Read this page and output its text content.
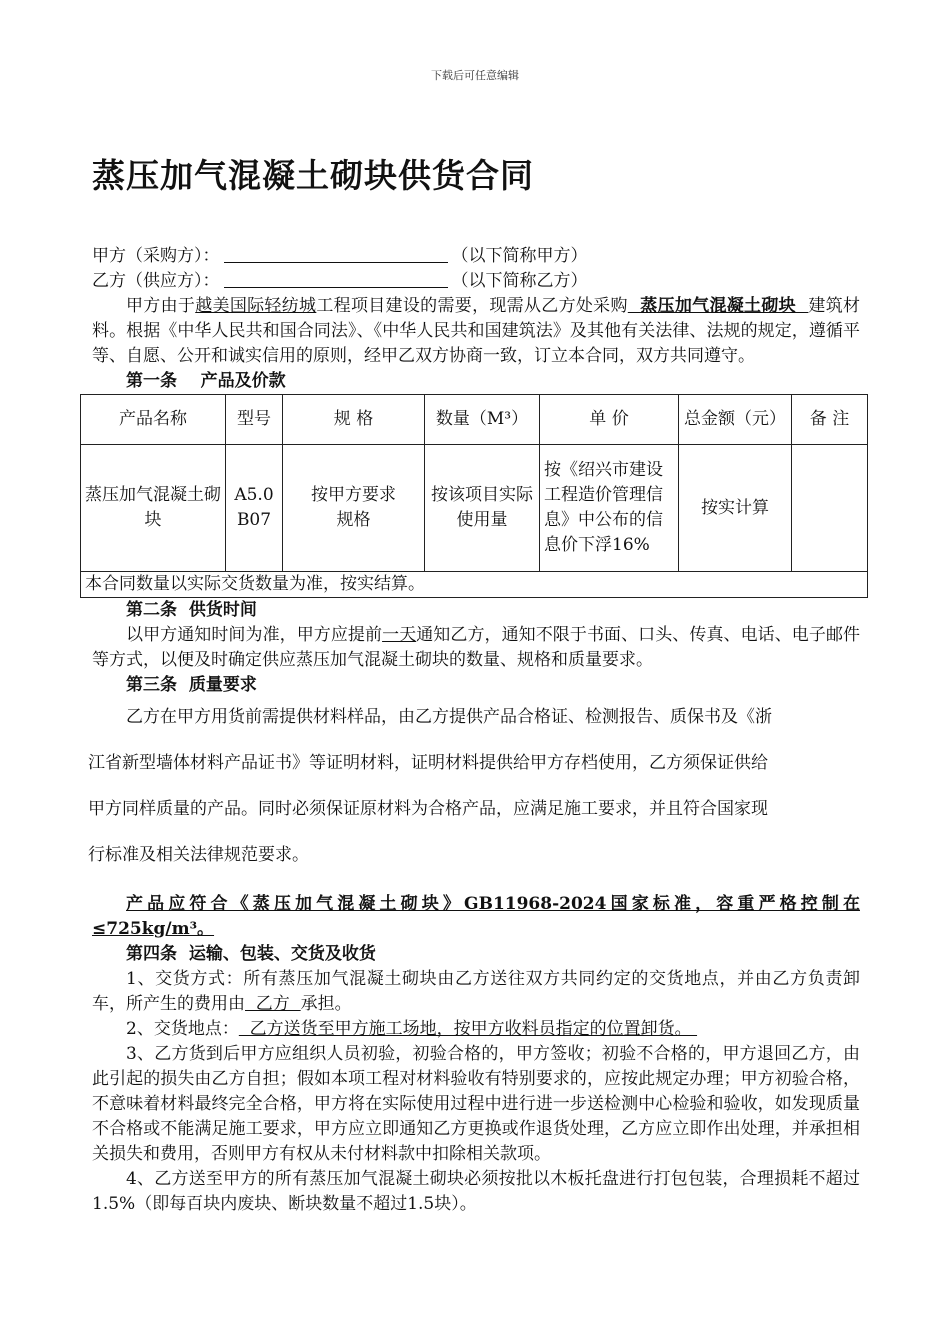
下载后可任意编辑
蒸压加气混凝土砌块供货合同

甲方（采购方）：	（以下简称甲方）

乙方（供应方）：	（以下简称乙方）

甲方由于越美国际轻纺城工程项目建设的需要，现需从乙方处采购  蒸压加气混凝土砌块  建筑材料。根据《中华人民共和国合同法》、《中华人民共和国建筑法》及其他有关法律、法规的规定，遵循平等、自愿、公开和诚实信用的原则，经甲乙双方协商一致，订立本合同，双方共同遵守。

第一条    产品及价款

产品名称	型号	规 格	数量（M³）	单 价	总金额（元）	备 注
蒸压加气混凝土砌块	A5.0 B07	按甲方要求规格	按该项目实际使用量	按《绍兴市建设工程造价管理信息》中公布的信息价下浮16%	按实计算	
本合同数量以实际交货数量为准，按实结算。						

第二条  供货时间

以甲方通知时间为准，甲方应提前一天通知乙方，通知不限于书面、口头、传真、电话、电子邮件等方式，以便及时确定供应蒸压加气混凝土砌块的数量、规格和质量要求。

第三条  质量要求

乙方在甲方用货前需提供材料样品，由乙方提供产品合格证、检测报告、质保书及《浙

江省新型墙体材料产品证书》等证明材料，证明材料提供给甲方存档使用，乙方须保证供给

甲方同样质量的产品。同时必须保证原材料为合格产品，应满足施工要求，并且符合国家现

行标准及相关法律规范要求。

产品应符合《蒸压加气混凝土砌块》GB11968-2024国家标准，容重严格控制在≤725kg/m³。

第四条  运输、包装、交货及收货

1、交货方式：所有蒸压加气混凝土砌块由乙方送往双方共同约定的交货地点，并由乙方负责卸车，所产生的费用由  乙方  承担。

2、交货地点：  乙方送货至甲方施工场地，按甲方收料员指定的位置卸货。

3、乙方货到后甲方应组织人员初验，初验合格的，甲方签收；初验不合格的，甲方退回乙方，由此引起的损失由乙方自担；假如本项工程对材料验收有特别要求的，应按此规定办理；甲方初验合格，不意味着材料最终完全合格，甲方将在实际使用过程中进行进一步送检测中心检验和验收，如发现质量不合格或不能满足施工要求，甲方应立即通知乙方更换或作退货处理，乙方应立即作出处理，并承担相关损失和费用，否则甲方有权从未付材料款中扣除相关款项。

4、乙方送至甲方的所有蒸压加气混凝土砌块必须按批以木板托盘进行打包包装，合理损耗不超过1.5%（即每百块内废块、断块数量不超过1.5块）。
